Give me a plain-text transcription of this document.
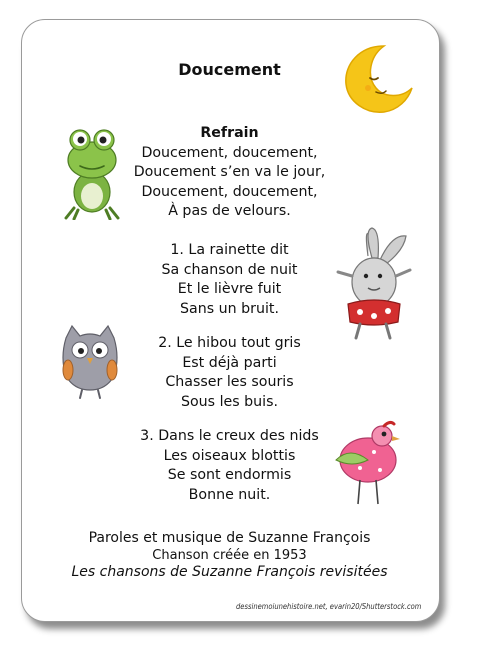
Doucement
Refrain
Doucement, doucement,
Doucement s’en va le jour,
Doucement, doucement,
À pas de velours.
1. La rainette dit
Sa chanson de nuit
Et le lièvre fuit
Sans un bruit.
2. Le hibou tout gris
Est déjà parti
Chasser les souris
Sous les buis.
3. Dans le creux des nids
Les oiseaux blottis
Se sont endormis
Bonne nuit.
Paroles et musique de Suzanne François
Chanson créée en 1953
Les chansons de Suzanne François revisitées
dessinemoiunehistoire.net, evarin20/Shutterstock.com
